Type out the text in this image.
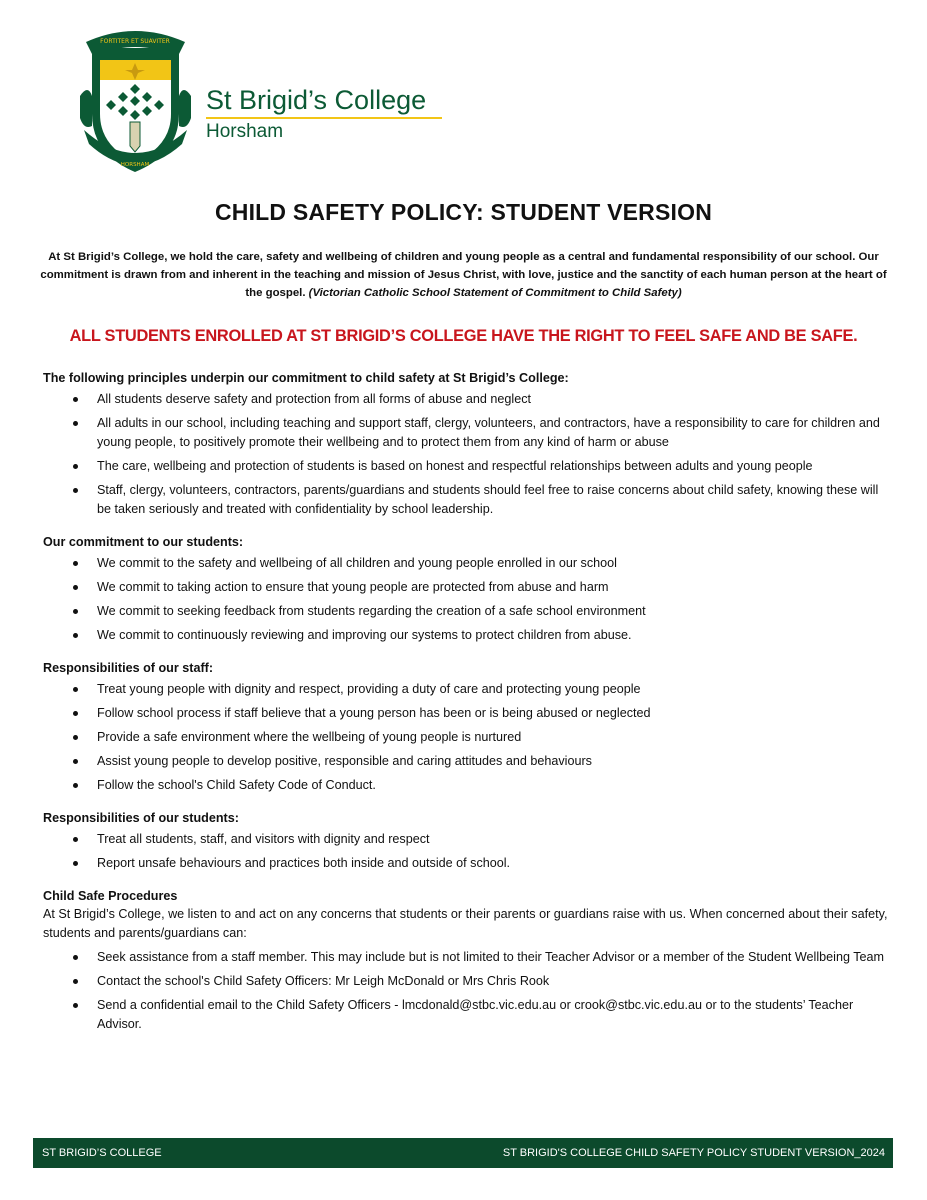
FORTITER ET SUAVITER
HORSHAM
St Brigid’s College
Horsham
CHILD SAFETY POLICY: STUDENT VERSION
At St Brigid’s College, we hold the care, safety and wellbeing of children and young people as a central and fundamental responsibility of our school. Our commitment is drawn from and inherent in the teaching and mission of Jesus Christ, with love, justice and the sanctity of each human person at the heart of the gospel. (Victorian Catholic School Statement of Commitment to Child Safety)
ALL STUDENTS ENROLLED AT ST BRIGID’S COLLEGE HAVE THE RIGHT TO FEEL SAFE AND BE SAFE.
The following principles underpin our commitment to child safety at St Brigid’s College:
All students deserve safety and protection from all forms of abuse and neglect
All adults in our school, including teaching and support staff, clergy, volunteers, and contractors, have a responsibility to care for children and young people, to positively promote their wellbeing and to protect them from any kind of harm or abuse
The care, wellbeing and protection of students is based on honest and respectful relationships between adults and young people
Staff, clergy, volunteers, contractors, parents/guardians and students should feel free to raise concerns about child safety, knowing these will be taken seriously and treated with confidentiality by school leadership.
Our commitment to our students:
We commit to the safety and wellbeing of all children and young people enrolled in our school
We commit to taking action to ensure that young people are protected from abuse and harm
We commit to seeking feedback from students regarding the creation of a safe school environment
We commit to continuously reviewing and improving our systems to protect children from abuse.
Responsibilities of our staff:
Treat young people with dignity and respect, providing a duty of care and protecting young people
Follow school process if staff believe that a young person has been or is being abused or neglected
Provide a safe environment where the wellbeing of young people is nurtured
Assist young people to develop positive, responsible and caring attitudes and behaviours
Follow the school's Child Safety Code of Conduct.
Responsibilities of our students:
Treat all students, staff, and visitors with dignity and respect
Report unsafe behaviours and practices both inside and outside of school.
Child Safe Procedures
At St Brigid’s College, we listen to and act on any concerns that students or their parents or guardians raise with us. When concerned about their safety, students and parents/guardians can:
Seek assistance from a staff member. This may include but is not limited to their Teacher Advisor or a member of the Student Wellbeing Team
Contact the school's Child Safety Officers: Mr Leigh McDonald or Mrs Chris Rook
Send a confidential email to the Child Safety Officers - lmcdonald@stbc.vic.edu.au or crook@stbc.vic.edu.au or to the students’ Teacher Advisor.
ST BRIGID’S COLLEGE	ST BRIGID'S COLLEGE CHILD SAFETY POLICY STUDENT VERSION_2024
